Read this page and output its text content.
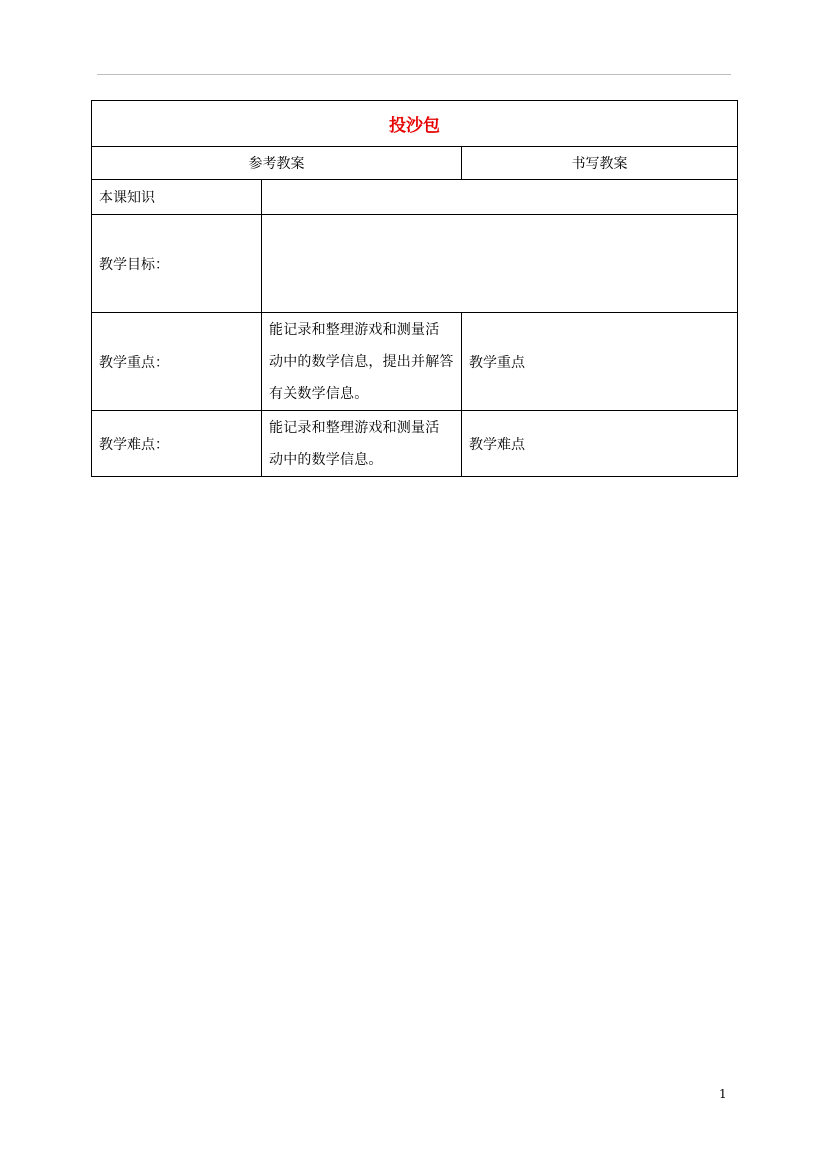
投沙包		
参考教案		书写教案
本课知识		
教学目标：		
教学重点：	能记录和整理游戏和测量活
动中的数学信息，提出并解答
有关数学信息。	教学重点
教学难点：	能记录和整理游戏和测量活
动中的数学信息。	教学难点
1
